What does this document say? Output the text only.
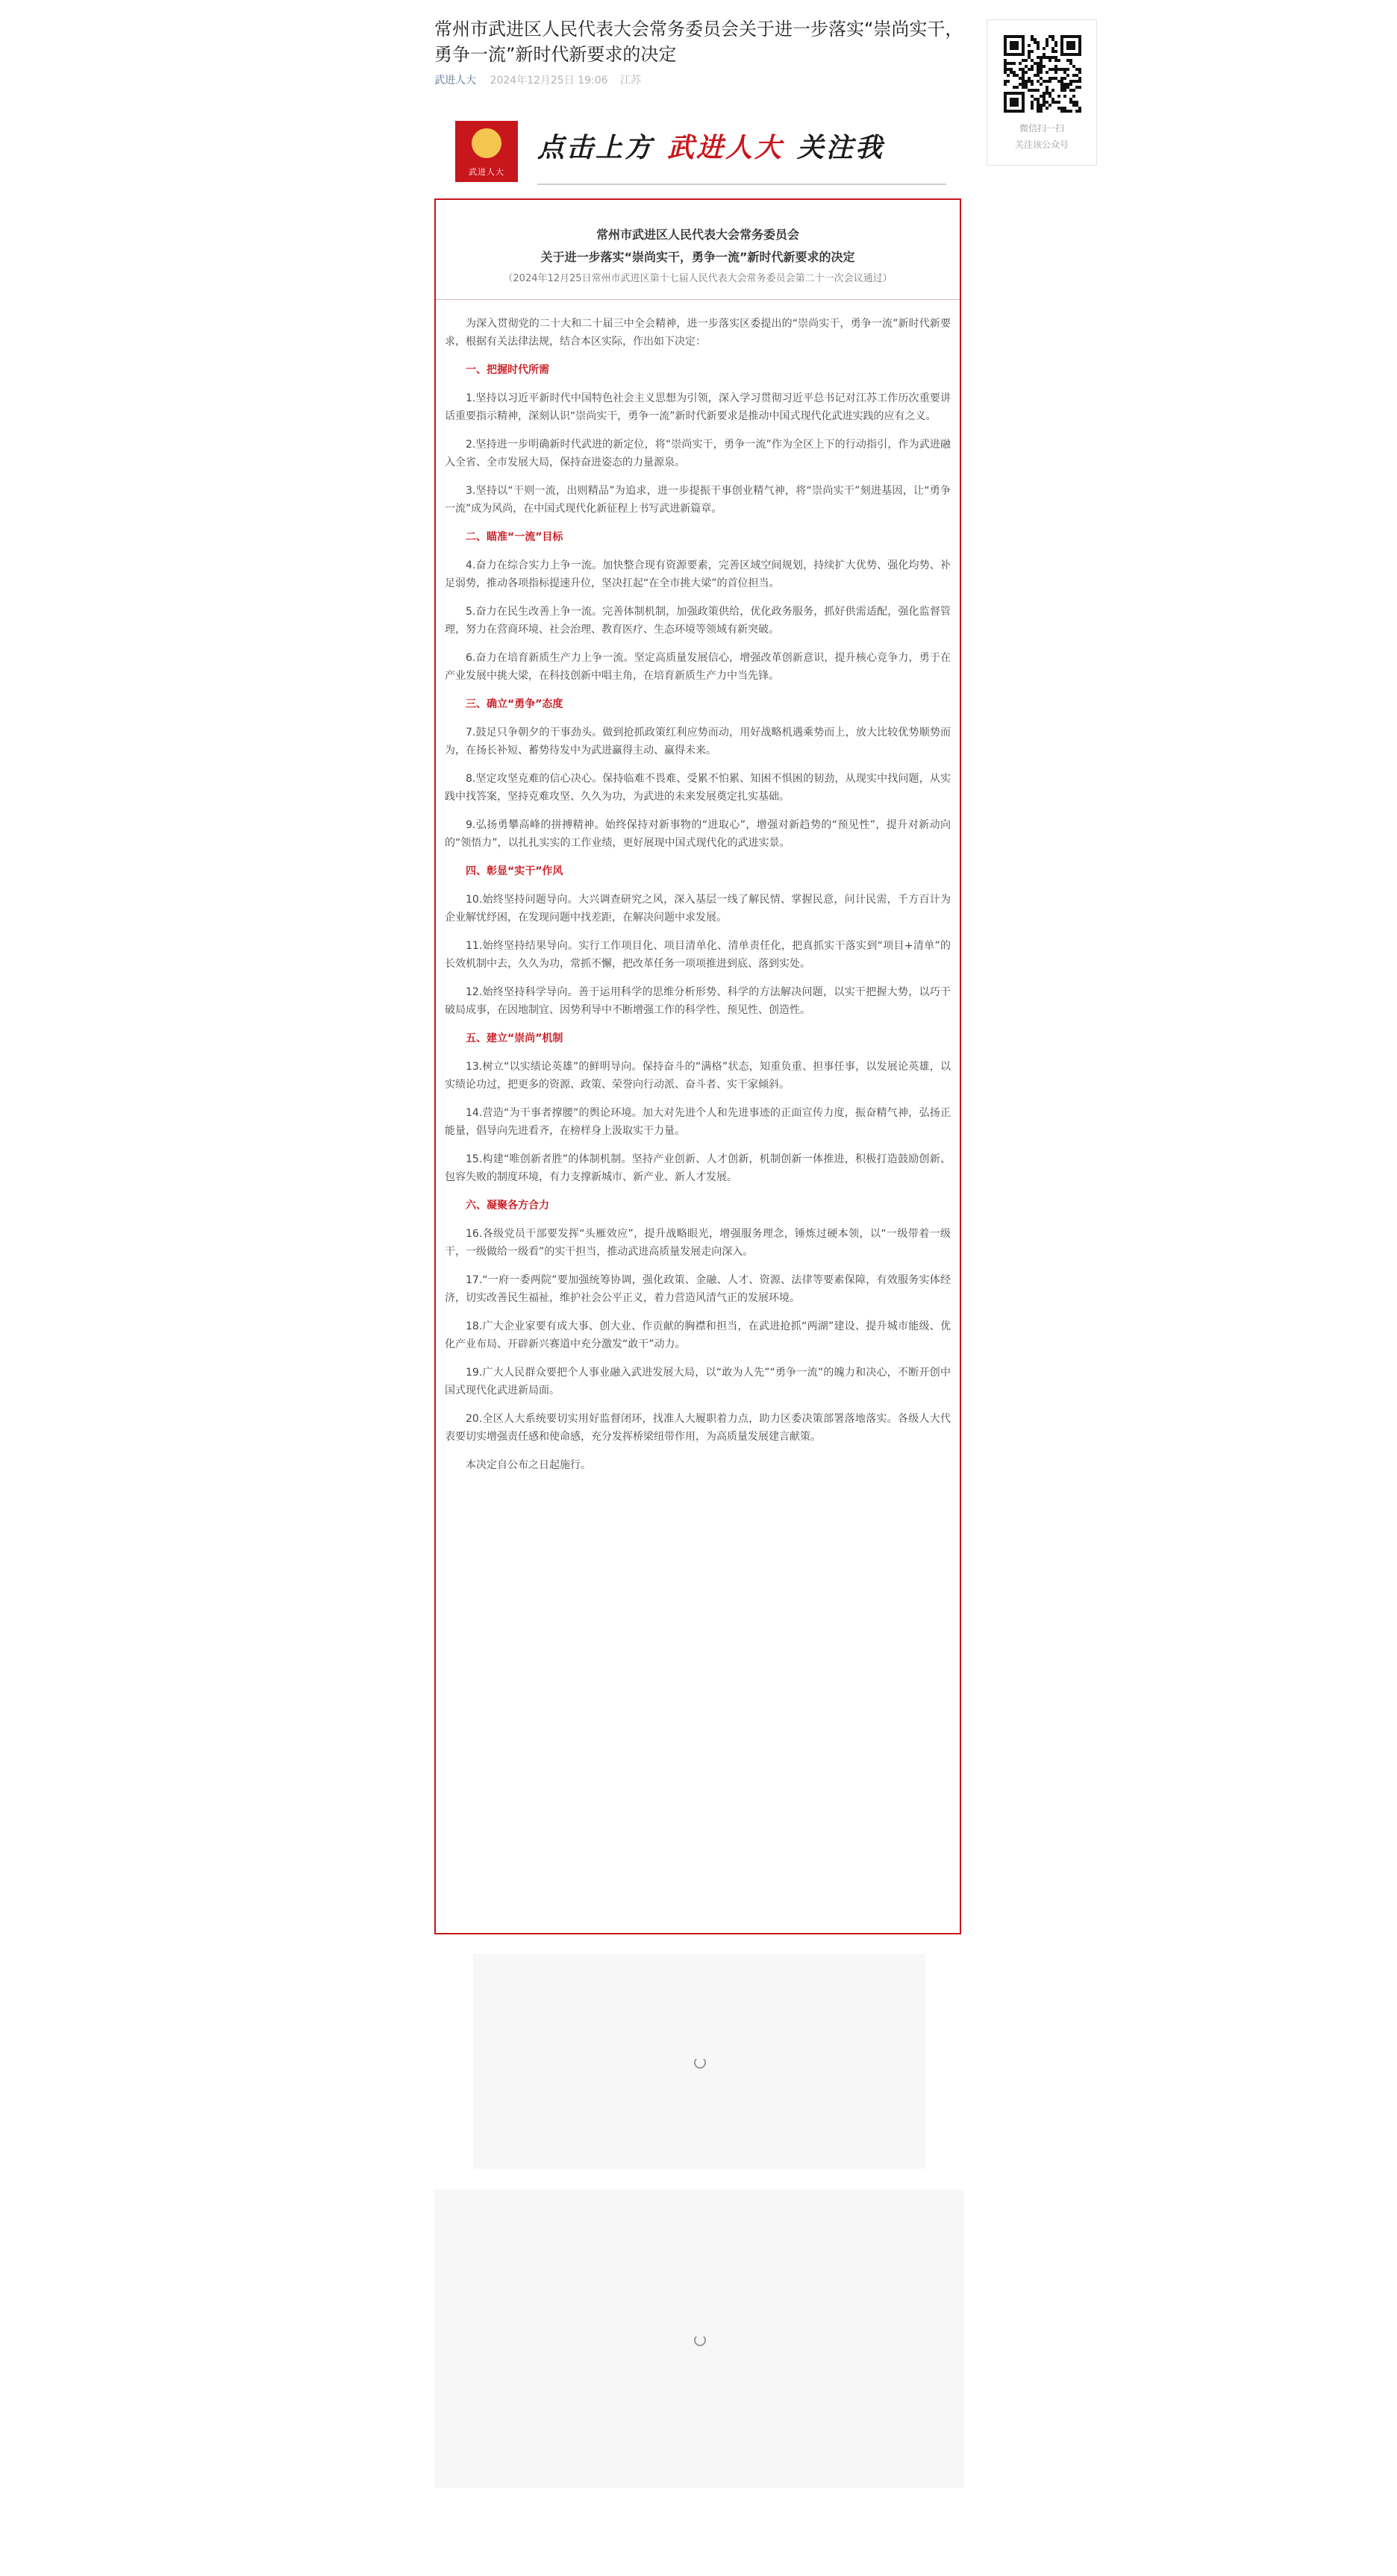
常州市武进区人民代表大会常务委员会关于进一步落实“崇尚实干，勇争一流”新时代新要求的决定
武进人大 2024年12月25日 19:06 江苏
武进人大
点击上方 武进人大 关注我
常州市武进区人民代表大会常务委员会
关于进一步落实“崇尚实干，勇争一流”新时代新要求的决定
（2024年12月25日常州市武进区第十七届人民代表大会常务委员会第二十一次会议通过）

为深入贯彻党的二十大和二十届三中全会精神，进一步落实区委提出的“崇尚实干，勇争一流”新时代新要求，根据有关法律法规，结合本区实际，作出如下决定：

一、把握时代所需

1.坚持以习近平新时代中国特色社会主义思想为引领，深入学习贯彻习近平总书记对江苏工作历次重要讲话重要指示精神，深刻认识“崇尚实干，勇争一流”新时代新要求是推动中国式现代化武进实践的应有之义。

2.坚持进一步明确新时代武进的新定位，将“崇尚实干，勇争一流”作为全区上下的行动指引，作为武进融入全省、全市发展大局，保持奋进姿态的力量源泉。

3.坚持以“干则一流，出则精品”为追求，进一步提振干事创业精气神，将“崇尚实干”刻进基因，让“勇争一流”成为风尚，在中国式现代化新征程上书写武进新篇章。

二、瞄准“一流”目标

4.奋力在综合实力上争一流。加快整合现有资源要素，完善区域空间规划，持续扩大优势、强化均势、补足弱势，推动各项指标提速升位，坚决扛起“在全市挑大梁”的首位担当。

5.奋力在民生改善上争一流。完善体制机制，加强政策供给，优化政务服务，抓好供需适配，强化监督管理，努力在营商环境、社会治理、教育医疗、生态环境等领域有新突破。

6.奋力在培育新质生产力上争一流。坚定高质量发展信心，增强改革创新意识，提升核心竞争力，勇于在产业发展中挑大梁，在科技创新中唱主角，在培育新质生产力中当先锋。

三、确立“勇争”态度

7.鼓足只争朝夕的干事劲头。做到抢抓政策红利应势而动，用好战略机遇乘势而上，放大比较优势顺势而为，在扬长补短、蓄势待发中为武进赢得主动、赢得未来。

8.坚定攻坚克难的信心决心。保持临难不畏难、受累不怕累、知困不惧困的韧劲，从现实中找问题，从实践中找答案，坚持克难攻坚、久久为功，为武进的未来发展奠定扎实基础。

9.弘扬勇攀高峰的拼搏精神。始终保持对新事物的“进取心”，增强对新趋势的“预见性”，提升对新动向的“领悟力”，以扎扎实实的工作业绩，更好展现中国式现代化的武进实景。

四、彰显“实干”作风

10.始终坚持问题导向。大兴调查研究之风，深入基层一线了解民情、掌握民意，问计民需，千方百计为企业解忧纾困，在发现问题中找差距，在解决问题中求发展。

11.始终坚持结果导向。实行工作项目化、项目清单化、清单责任化，把真抓实干落实到“项目+清单”的长效机制中去，久久为功，常抓不懈，把改革任务一项项推进到底、落到实处。

12.始终坚持科学导向。善于运用科学的思维分析形势、科学的方法解决问题，以实干把握大势，以巧干破局成事，在因地制宜、因势利导中不断增强工作的科学性、预见性、创造性。

五、建立“崇尚”机制

13.树立“以实绩论英雄”的鲜明导向。保持奋斗的“满格”状态，知重负重、担事任事，以发展论英雄，以实绩论功过，把更多的资源、政策、荣誉向行动派、奋斗者、实干家倾斜。

14.营造“为干事者撑腰”的舆论环境。加大对先进个人和先进事迹的正面宣传力度，振奋精气神，弘扬正能量，倡导向先进看齐，在榜样身上汲取实干力量。

15.构建“唯创新者胜”的体制机制。坚持产业创新、人才创新，机制创新一体推进，积极打造鼓励创新、包容失败的制度环境，有力支撑新城市、新产业、新人才发展。

六、凝聚各方合力

16.各级党员干部要发挥“头雁效应”，提升战略眼光，增强服务理念，锤炼过硬本领，以“一级带着一级干，一级做给一级看”的实干担当，推动武进高质量发展走向深入。

17.“一府一委两院”要加强统筹协调，强化政策、金融、人才、资源、法律等要素保障，有效服务实体经济，切实改善民生福祉，维护社会公平正义，着力营造风清气正的发展环境。

18.广大企业家要有成大事、创大业、作贡献的胸襟和担当，在武进抢抓“两湖”建设、提升城市能级、优化产业布局、开辟新兴赛道中充分激发“敢干”动力。

19.广大人民群众要把个人事业融入武进发展大局，以“敢为人先”“勇争一流”的魄力和决心，不断开创中国式现代化武进新局面。

20.全区人大系统要切实用好监督闭环，找准人大履职着力点，助力区委决策部署落地落实。各级人大代表要切实增强责任感和使命感，充分发挥桥梁纽带作用，为高质量发展建言献策。

本决定自公布之日起施行。

微信扫一扫
关注该公众号
